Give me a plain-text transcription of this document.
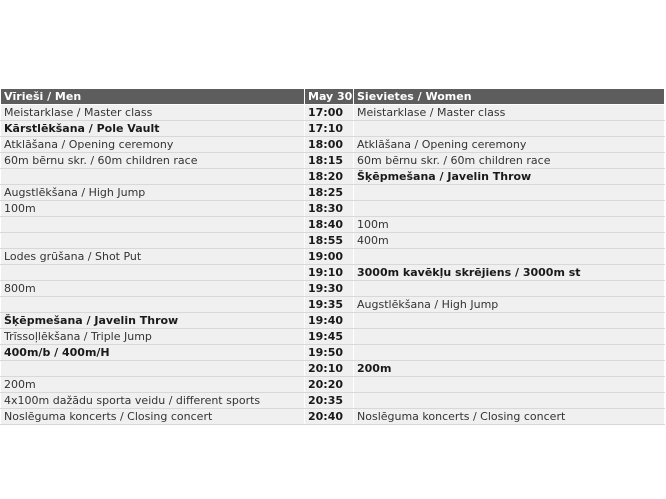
Vīrieši / Men	May 30	Sievietes / Women
Meistarklase / Master class	17:00	Meistarklase / Master class
Kārstlēkšana / Pole Vault	17:10	
Atklāšana / Opening ceremony	18:00	Atklāšana / Opening ceremony
60m bērnu skr. / 60m children race	18:15	60m bērnu skr. / 60m children race
	18:20	Šķēpmešana / Javelin Throw
Augstlēkšana / High Jump	18:25	
100m	18:30	
	18:40	100m
	18:55	400m
Lodes grūšana / Shot Put	19:00	
	19:10	3000m kavēkļu skrējiens / 3000m st
800m	19:30	
	19:35	Augstlēkšana / High Jump
Šķēpmešana / Javelin Throw	19:40	
Trīssoļlēkšana / Triple Jump	19:45	
400m/b / 400m/H	19:50	
	20:10	200m
200m	20:20	
4x100m dažādu sporta veidu / different sports	20:35	
Noslēguma koncerts / Closing concert	20:40	Noslēguma koncerts / Closing concert
